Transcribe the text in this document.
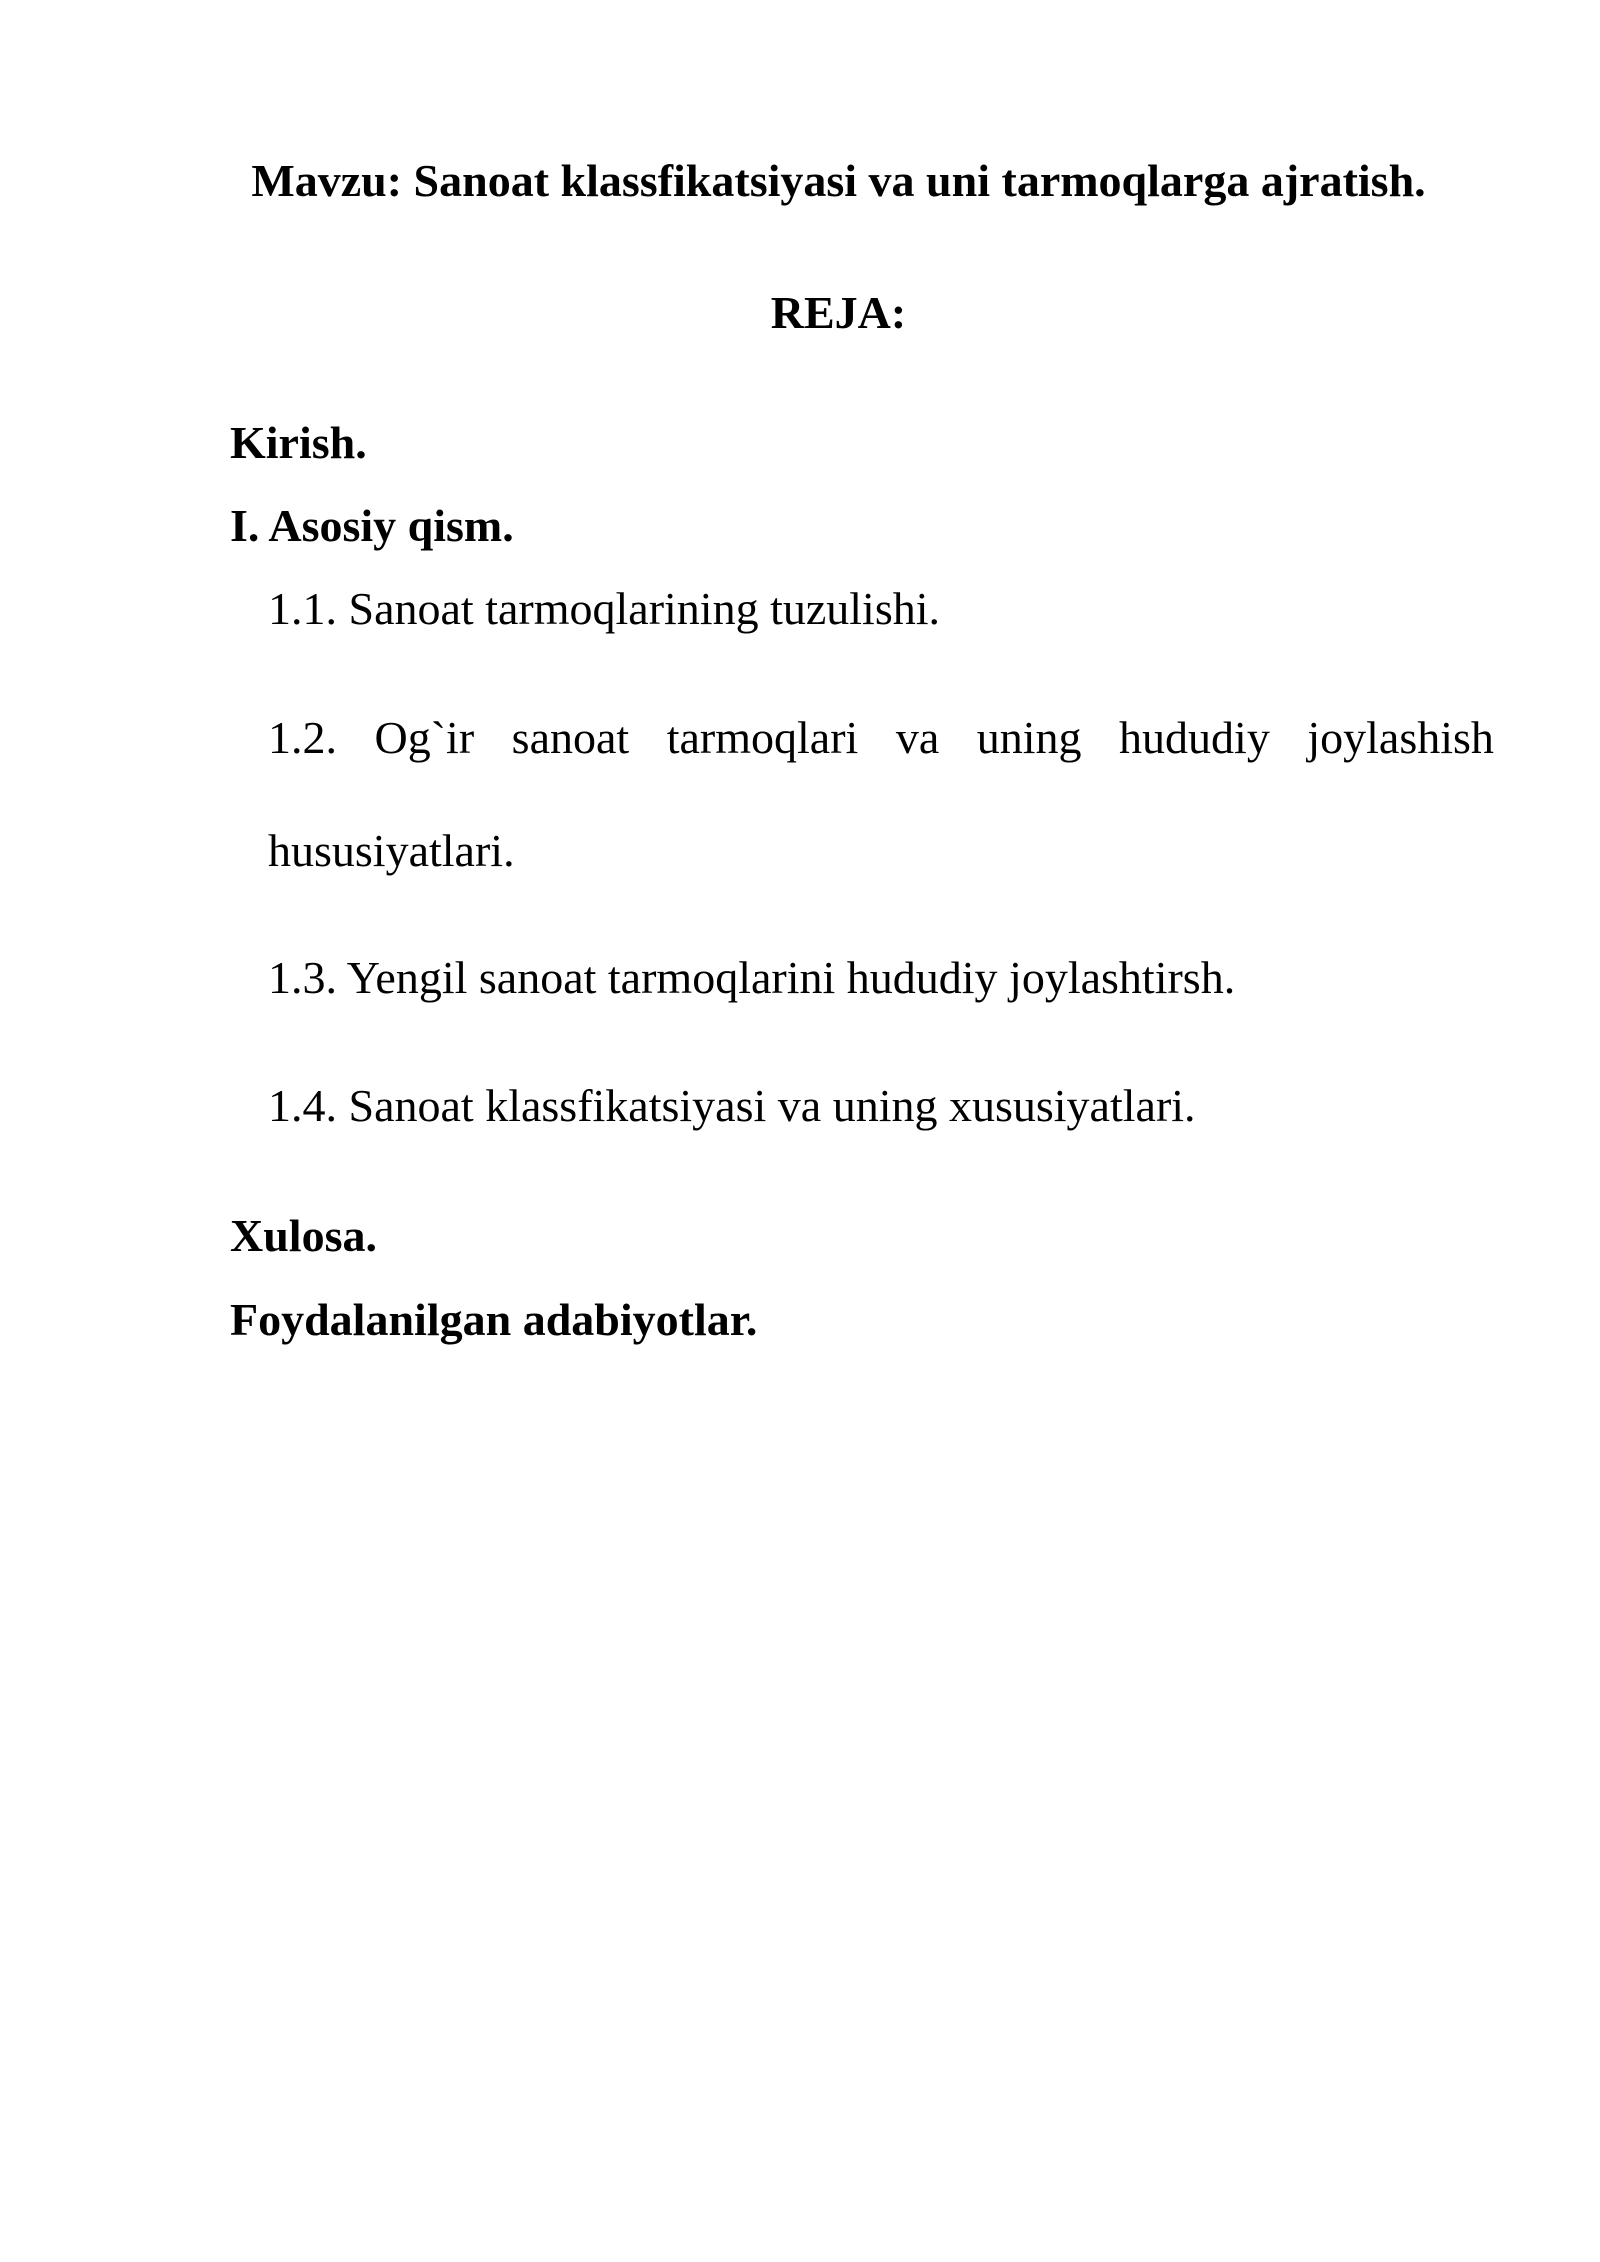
Mavzu: Sanoat klassfikatsiyasi va uni tarmoqlarga ajratish.
REJA:
Kirish.
I. Asosiy qism.
1.1. Sanoat tarmoqlarining tuzulishi.
1.2. Og`ir sanoat tarmoqlari va uning hududiy joylashish
hususiyatlari.
1.3. Yengil sanoat tarmoqlarini hududiy joylashtirsh.
1.4. Sanoat klassfikatsiyasi va uning xususiyatlari.
Xulosa.
Foydalanilgan adabiyotlar.
